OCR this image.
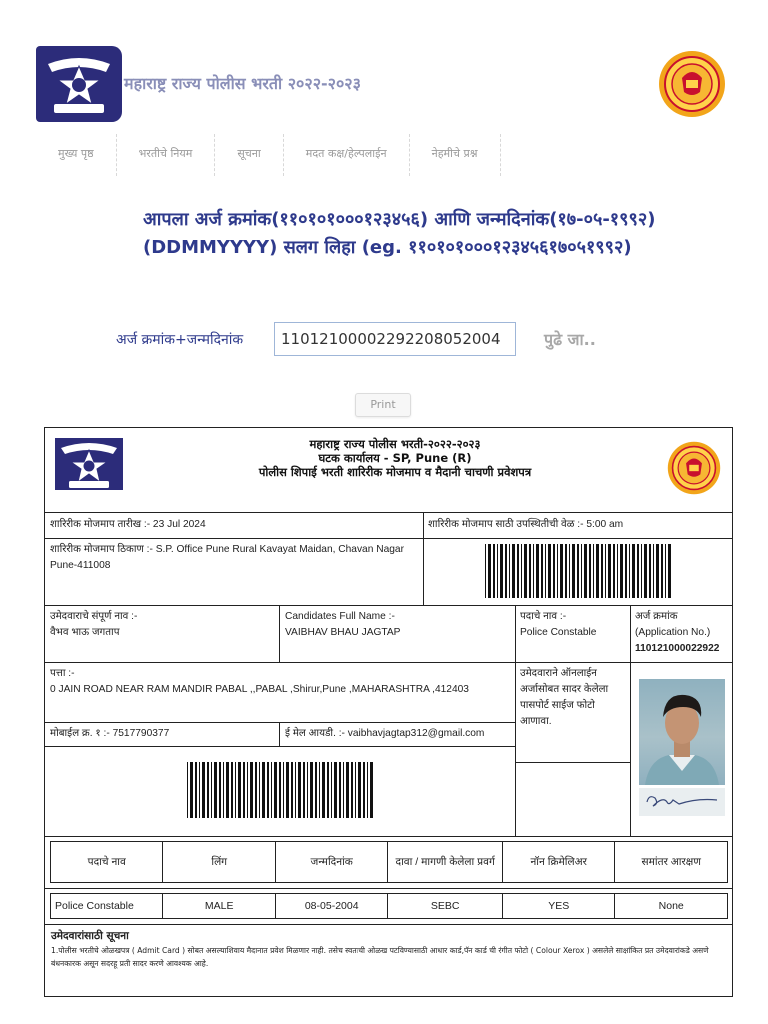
महाराष्ट्र राज्य पोलीस भरती २०२२-२०२३
मुख्य पृष्ठ	भरतीचे नियम	सूचना	मदत कक्ष/हेल्पलाईन	नेहमीचे प्रश्न
आपला अर्ज क्रमांक(११०१०१०००१२३४५६) आणि जन्मदिनांक(१७-०५-१९९२)
(DDMMYYYY) सलग लिहा (eg. ११०१०१०००१२३४५६१७०५१९९२)
अर्ज क्रमांक+जन्मदिनांक
11012100002292208052004	पुढे जा..
Print
महाराष्ट्र राज्य पोलीस भरती-२०२२-२०२३
घटक कार्यालय - SP, Pune (R)
पोलीस शिपाई भरती शारिरीक मोजमाप व मैदानी चाचणी प्रवेशपत्र
शारिरीक मोजमाप तारीख :- 23 Jul 2024	शारिरीक मोजमाप साठी उपस्थितीची वेळ :- 5:00 am
शारिरीक मोजमाप ठिकाण :- S.P. Office Pune Rural Kavayat Maidan, Chavan Nagar Pune-411008
उमेदवाराचे संपूर्ण नाव :-
वैभव भाऊ जगताप
Candidates Full Name :-
VAIBHAV BHAU JAGTAP
पदाचे नाव :-
Police Constable
अर्ज क्रमांक
(Application No.)
110121000022922
पत्ता :-
0 JAIN ROAD NEAR RAM MANDIR PABAL ,,PABAL ,Shirur,Pune ,MAHARASHTRA ,412403
उमेदवाराने ऑनलाईन अर्जासोबत सादर केलेला पासपोर्ट साईज फोटो आणावा.
मोबाईल क्र. १ :- 7517790377	ई मेल आयडी. :- vaibhavjagtap312@gmail.com
पदाचे नाव	लिंग	जन्मदिनांक	दावा / मागणी केलेला प्रवर्ग	नॉन क्रिमेलिअर	समांतर आरक्षण
Police Constable	MALE	08-05-2004	SEBC	YES	None
उमेदवारांसाठी सूचना
1.पोलीस भरतीचे ओळखपत्र ( Admit Card ) सोबत असल्याशिवाय मैदानात प्रवेश मिळणार नाही. तसेच स्वतःची ओळख पटविण्यासाठी आधार कार्ड,पॅन कार्ड ची रंगीत फोटो ( Colour Xerox ) असलेले साक्षांकित प्रत उमेदवारांकडे असणे बंधनकारक असून सदरहू प्रती सादर करणे आवश्यक आहे.
